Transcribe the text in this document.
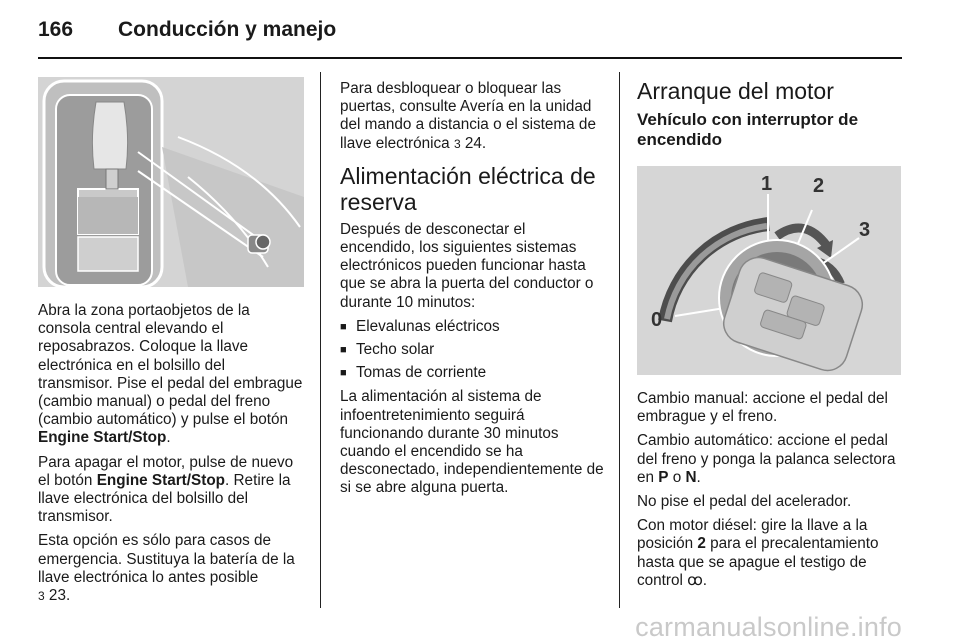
166 Conducción y manejo

Abra la zona portaobjetos de la consola central elevando el reposabrazos. Coloque la llave electrónica en el bolsillo del transmisor. Pise el pedal del embrague (cambio manual) o pedal del freno (cambio automático) y pulse el botón Engine Start/Stop.

Para apagar el motor, pulse de nuevo el botón Engine Start/Stop. Retire la llave electrónica del bolsillo del transmisor.

Esta opción es sólo para casos de emergencia. Sustituya la batería de la llave electrónica lo antes posible
3 23.

Para desbloquear o bloquear las puertas, consulte Avería en la unidad del mando a distancia o el sistema de llave electrónica 3 24.

Alimentación eléctrica de reserva

Después de desconectar el encendido, los siguientes sistemas electrónicos pueden funcionar hasta que se abra la puerta del conductor o durante 10 minutos:

■ Elevalunas eléctricos
■ Techo solar
■ Tomas de corriente

La alimentación al sistema de infoentretenimiento seguirá funcionando durante 30 minutos cuando el encendido se ha desconectado, independientemente de si se abre alguna puerta.

Arranque del motor
Vehículo con interruptor de encendido
0
1 2
3

Cambio manual: accione el pedal del embrague y el freno.

Cambio automático: accione el pedal del freno y ponga la palanca selectora en P o N.

No pise el pedal del acelerador.

Con motor diésel: gire la llave a la posición 2 para el precalentamiento hasta que se apague el testigo de control ꝏ.

carmanualsonline.info
